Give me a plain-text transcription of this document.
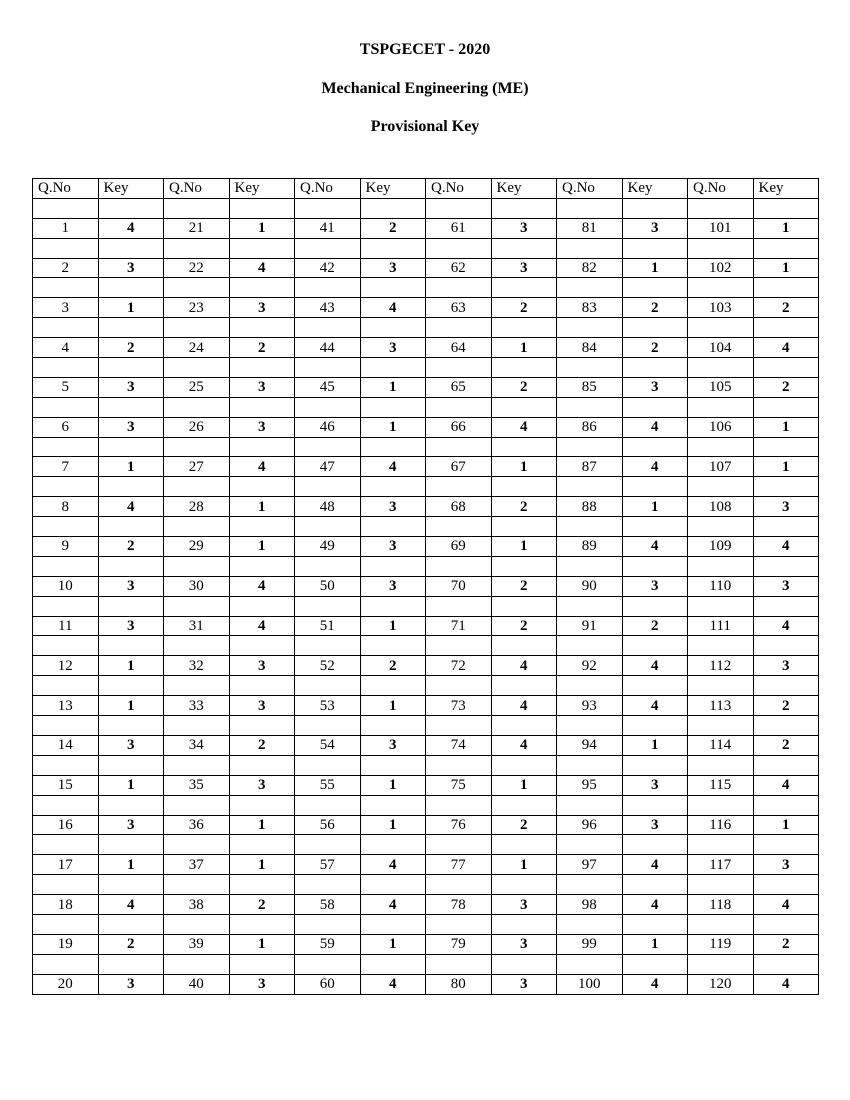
TSPGECET - 2020
Mechanical Engineering (ME)
Provisional Key
Q.No	Key	Q.No	Key	Q.No	Key	Q.No	Key	Q.No	Key	Q.No	Key

1	4	21	1	41	2	61	3	81	3	101	1

2	3	22	4	42	3	62	3	82	1	102	1

3	1	23	3	43	4	63	2	83	2	103	2

4	2	24	2	44	3	64	1	84	2	104	4

5	3	25	3	45	1	65	2	85	3	105	2

6	3	26	3	46	1	66	4	86	4	106	1

7	1	27	4	47	4	67	1	87	4	107	1

8	4	28	1	48	3	68	2	88	1	108	3

9	2	29	1	49	3	69	1	89	4	109	4

10	3	30	4	50	3	70	2	90	3	110	3

11	3	31	4	51	1	71	2	91	2	111	4

12	1	32	3	52	2	72	4	92	4	112	3

13	1	33	3	53	1	73	4	93	4	113	2

14	3	34	2	54	3	74	4	94	1	114	2

15	1	35	3	55	1	75	1	95	3	115	4

16	3	36	1	56	1	76	2	96	3	116	1

17	1	37	1	57	4	77	1	97	4	117	3

18	4	38	2	58	4	78	3	98	4	118	4

19	2	39	1	59	1	79	3	99	1	119	2

20	3	40	3	60	4	80	3	100	4	120	4
